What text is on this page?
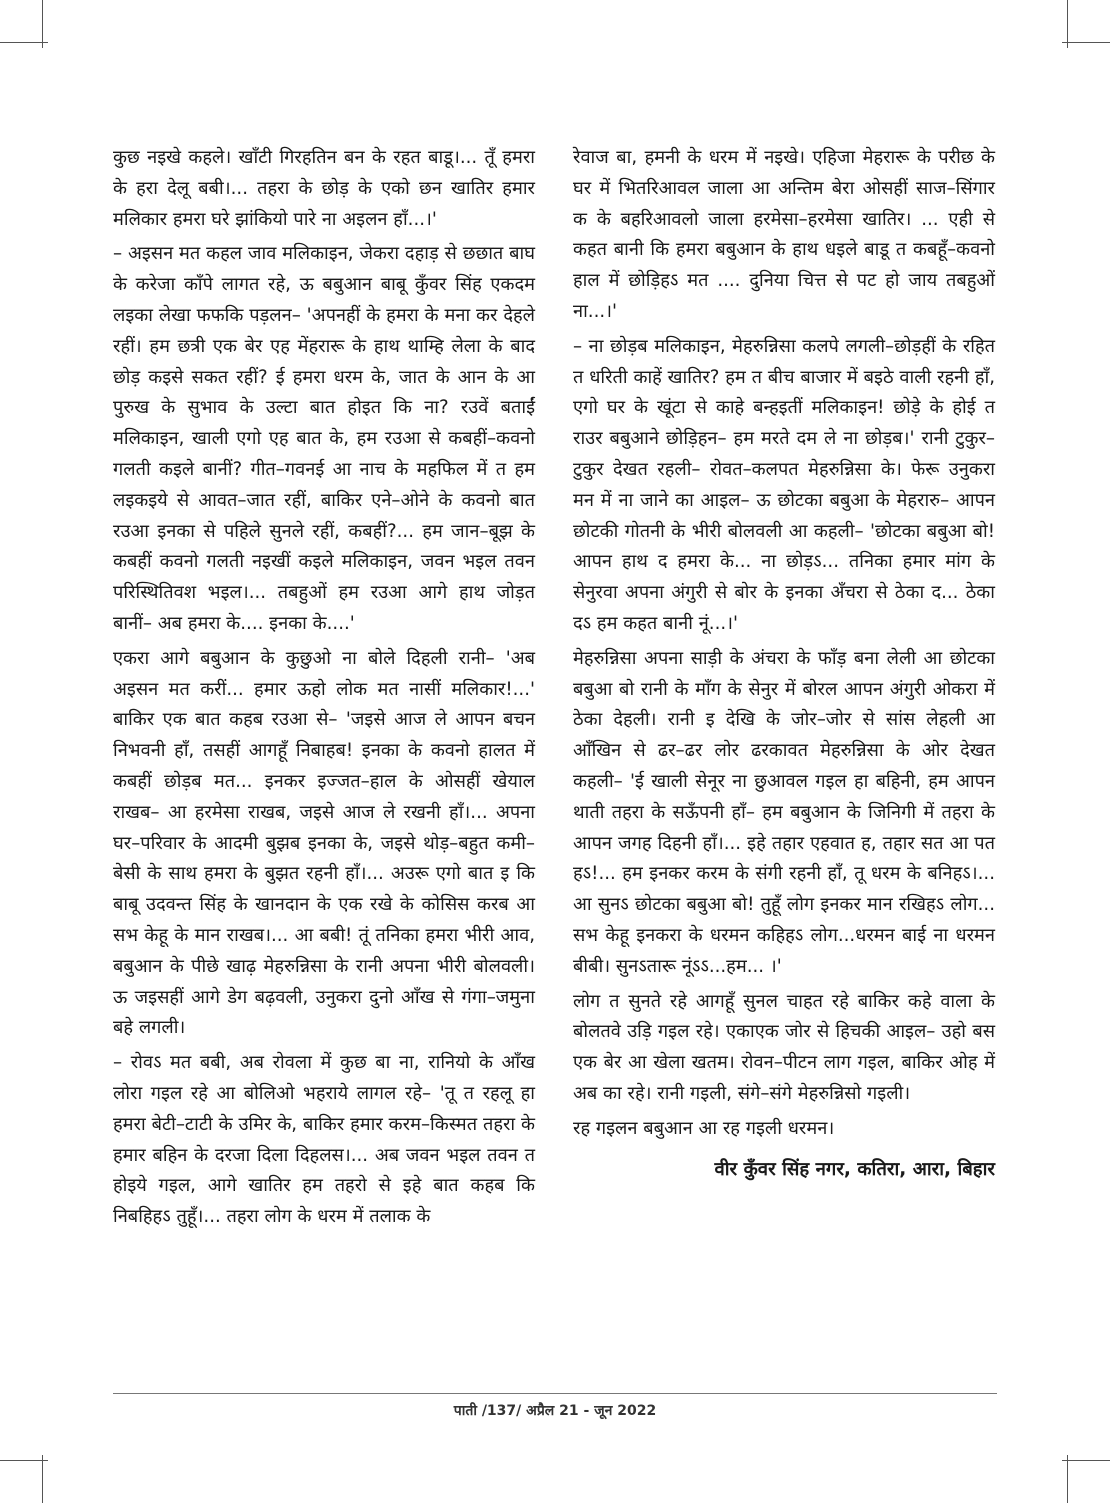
कुछ नइखे कहले। खाँटी गिरहतिन बन के रहत बाडू।... तूँ हमरा के हरा देलू बबी।... तहरा के छोड़ के एको छन खातिर हमार मलिकार हमरा घरे झांकियो पारे ना अइलन हाँ...।'

– अइसन मत कहल जाव मलिकाइन, जेकरा दहाड़ से छछात बाघ के करेजा काँपे लागत रहे, ऊ बबुआन बाबू कुँवर सिंह एकदम लइका लेखा फफकि पड़लन– 'अपनहीं के हमरा के मना कर देहले रहीं। हम छत्री एक बेर एह मेंहरारू के हाथ थाम्हि लेला के बाद छोड़ कइसे सकत रहीं? ई हमरा धरम के, जात के आन के आ पुरुख के सुभाव के उल्टा बात होइत कि ना? रउवें बताईं मलिकाइन, खाली एगो एह बात के, हम रउआ से कबहीं–कवनो गलती कइले बानीं? गीत–गवनई आ नाच के महफिल में त हम लइकइये से आवत–जात रहीं, बाकिर एने–ओने के कवनो बात रउआ इनका से पहिले सुनले रहीं, कबहीं?... हम जान–बूझ के कबहीं कवनो गलती नइखीं कइले मलिकाइन, जवन भइल तवन परिस्थितिवश भइल।... तबहुओं हम रउआ आगे हाथ जोड़त बानीं– अब हमरा के.... इनका के....'

एकरा आगे बबुआन के कुछुओ ना बोले दिहली रानी– 'अब अइसन मत करीं... हमार ऊहो लोक मत नासीं मलिकार!...' बाकिर एक बात कहब रउआ से– 'जइसे आज ले आपन बचन निभवनी हाँ, तसहीं आगहूँ निबाहब! इनका के कवनो हालत में कबहीं छोड़ब मत... इनकर इज्जत–हाल के ओसहीं खेयाल राखब– आ हरमेसा राखब, जइसे आज ले रखनी हाँ।... अपना घर–परिवार के आदमी बुझब इनका के, जइसे थोड़–बहुत कमी–बेसी के साथ हमरा के बुझत रहनी हाँ।... अउरू एगो बात इ कि बाबू उदवन्त सिंह के खानदान के एक रखे के कोसिस करब आ सभ केहू के मान राखब।... आ बबी! तूं तनिका हमरा भीरी आव, बबुआन के पीछे खाढ़ मेहरुन्निसा के रानी अपना भीरी बोलवली। ऊ जइसहीं आगे डेग बढ़वली, उनुकरा दुनो आँख से गंगा–जमुना बहे लगली।

– रोवऽ मत बबी, अब रोवला में कुछ बा ना, रानियो के आँख लोरा गइल रहे आ बोलिओ भहराये लागल रहे– 'तू त रहलू हा हमरा बेटी–टाटी के उमिर के, बाकिर हमार करम–किस्मत तहरा के हमार बहिन के दरजा दिला दिहलस।... अब जवन भइल तवन त होइये गइल, आगे खातिर हम तहरो से इहे बात कहब कि निबहिहऽ तुहूँ।... तहरा लोग के धरम में तलाक के

रेवाज बा, हमनी के धरम में नइखे। एहिजा मेहरारू के परीछ के घर में भितरिआवल जाला आ अन्तिम बेरा ओसहीं साज–सिंगार क के बहरिआवलो जाला हरमेसा–हरमेसा खातिर। ... एही से कहत बानी कि हमरा बबुआन के हाथ धइले बाडू त कबहूँ–कवनो हाल में छोड़िहऽ मत .... दुनिया चित्त से पट हो जाय तबहुओं ना...।'

– ना छोड़ब मलिकाइन, मेहरुन्निसा कलपे लगली–छोड़हीं के रहित त धरिती काहें खातिर? हम त बीच बाजार में बइठे वाली रहनी हाँ, एगो घर के खूंटा से काहे बन्हइतीं मलिकाइन! छोड़े के होई त राउर बबुआने छोड़िहन– हम मरते दम ले ना छोड़ब।' रानी टुकुर–टुकुर देखत रहली– रोवत–कलपत मेहरुन्निसा के। फेरू उनुकरा मन में ना जाने का आइल– ऊ छोटका बबुआ के मेहरारु– आपन छोटकी गोतनी के भीरी बोलवली आ कहली– 'छोटका बबुआ बो! आपन हाथ द हमरा के... ना छोड़ऽ... तनिका हमार मांग के सेनुरवा अपना अंगुरी से बोर के इनका अँचरा से ठेका द... ठेका दऽ हम कहत बानी नूं...।'

मेहरुन्निसा अपना साड़ी के अंचरा के फाँड़ बना लेली आ छोटका बबुआ बो रानी के माँग के सेनुर में बोरल आपन अंगुरी ओकरा में ठेका देहली। रानी इ देखि के जोर–जोर से सांस लेहली आ आँखिन से ढर–ढर लोर ढरकावत मेहरुन्निसा के ओर देखत कहली– 'ई खाली सेनूर ना छुआवल गइल हा बहिनी, हम आपन थाती तहरा के सऊँपनी हाँ– हम बबुआन के जिनिगी में तहरा के आपन जगह दिहनी हाँ।... इहे तहार एहवात ह, तहार सत आ पत हऽ!... हम इनकर करम के संगी रहनी हाँ, तू धरम के बनिहऽ।... आ सुनऽ छोटका बबुआ बो! तुहूँ लोग इनकर मान रखिहऽ लोग... सभ केहू इनकरा के धरमन कहिहऽ लोग...धरमन बाई ना धरमन बीबी। सुनऽतारू नूंऽऽ...हम... ।'

लोग त सुनते रहे आगहूँ सुनल चाहत रहे बाकिर कहे वाला के बोलतवे उड़ि गइल रहे। एकाएक जोर से हिचकी आइल– उहो बस एक बेर आ खेला खतम। रोवन–पीटन लाग गइल, बाकिर ओह में अब का रहे। रानी गइली, संगे–संगे मेहरुन्निसो गइली।

रह गइलन बबुआन आ रह गइली धरमन।

वीर कुँवर सिंह नगर, कतिरा, आरा, बिहार

पाती /137/ अप्रैल 21 - जून 2022
